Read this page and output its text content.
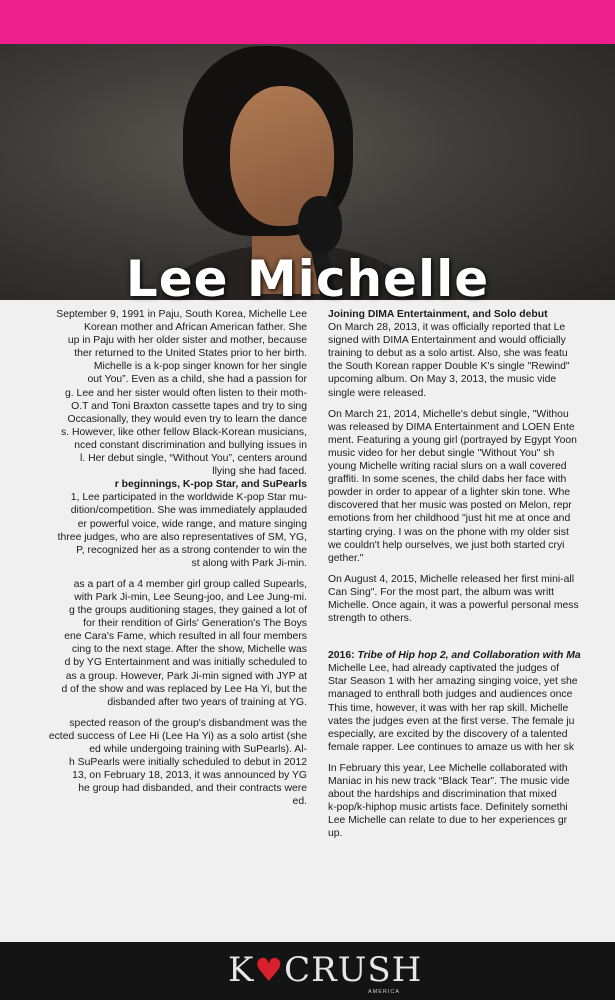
Lee Michelle
September 9, 1991 in Paju, South Korea, Michelle Lee
Korean mother and African American father. She
up in Paju with her older sister and mother, because
ther returned to the United States prior to her birth.
Michelle is a k-pop singer known for her single
out You”. Even as a child, she had a passion for
g. Lee and her sister would often listen to their moth-
O.T and Toni Braxton cassette tapes and try to sing
Occasionally, they would even try to learn the dance
s. However, like other fellow Black-Korean musicians,
nced constant discrimination and bullying issues in
l. Her debut single, “Without You”, centers around
llying she had faced.
r beginnings, K-pop Star, and SuPearls
1, Lee participated in the worldwide K-pop Star mu-
dition/competition. She was immediately applauded
er powerful voice, wide range, and mature singing
three judges, who are also representatives of SM, YG,
P, recognized her as a strong contender to win the
st along with Park Ji-min.
as a part of a 4 member girl group called Supearls,
with Park Ji-min, Lee Seung-joo, and Lee Jung-mi.
g the groups auditioning stages, they gained a lot of
for their rendition of Girls' Generation's The Boys
ene Cara's Fame, which resulted in all four members
cing to the next stage. After the show, Michelle was
d by YG Entertainment and was initially scheduled to
as a group. However, Park Ji-min signed with JYP at
d of the show and was replaced by Lee Ha Yi, but the
disbanded after two years of training at YG.
spected reason of the group's disbandment was the
ected success of Lee Hi (Lee Ha Yi) as a solo artist (she
ed while undergoing training with SuPearls). Al-
h SuPearls were initially scheduled to debut in 2012
13, on February 18, 2013, it was announced by YG
he group had disbanded, and their contracts were
ed.
Joining DIMA Entertainment, and Solo debut
On March 28, 2013, it was officially reported that Le
signed with DIMA Entertainment and would officially
training to debut as a solo artist. Also, she was featu
the South Korean rapper Double K's single "Rewind"
upcoming album. On May 3, 2013, the music vide
single were released.
On March 21, 2014, Michelle's debut single, "Withou
was released by DIMA Entertainment and LOEN Ente
ment. Featuring a young girl (portrayed by Egypt Yoon
music video for her debut single "Without You" sh
young Michelle writing racial slurs on a wall covered
graffiti. In some scenes, the child dabs her face with
powder in order to appear of a lighter skin tone. Whe
discovered that her music was posted on Melon, repr
emotions from her childhood "just hit me at once and
starting crying. I was on the phone with my older sist
we couldn't help ourselves, we just both started cryi
gether."
On August 4, 2015, Michelle released her first mini-all
Can Sing". For the most part, the album was writt
Michelle. Once again, it was a powerful personal mess
strength to others.
2016: Tribe of Hip hop 2, and Collaboration with Ma
Michelle Lee, had already captivated the judges of
Star Season 1 with her amazing singing voice, yet she
managed to enthrall both judges and audiences once
This time, however, it was with her rap skill. Michelle
vates the judges even at the first verse. The female ju
especially, are excited by the discovery of a talented
female rapper. Lee continues to amaze us with her sk
In February this year, Lee Michelle collaborated with
Maniac in his new track “Black Tear”. The music vide
about the hardships and discrimination that mixed
k-pop/k-hiphop music artists face. Definitely somethi
Lee Michelle can relate to due to her experiences gr
up.
K♥CRUSH
AMERICA
